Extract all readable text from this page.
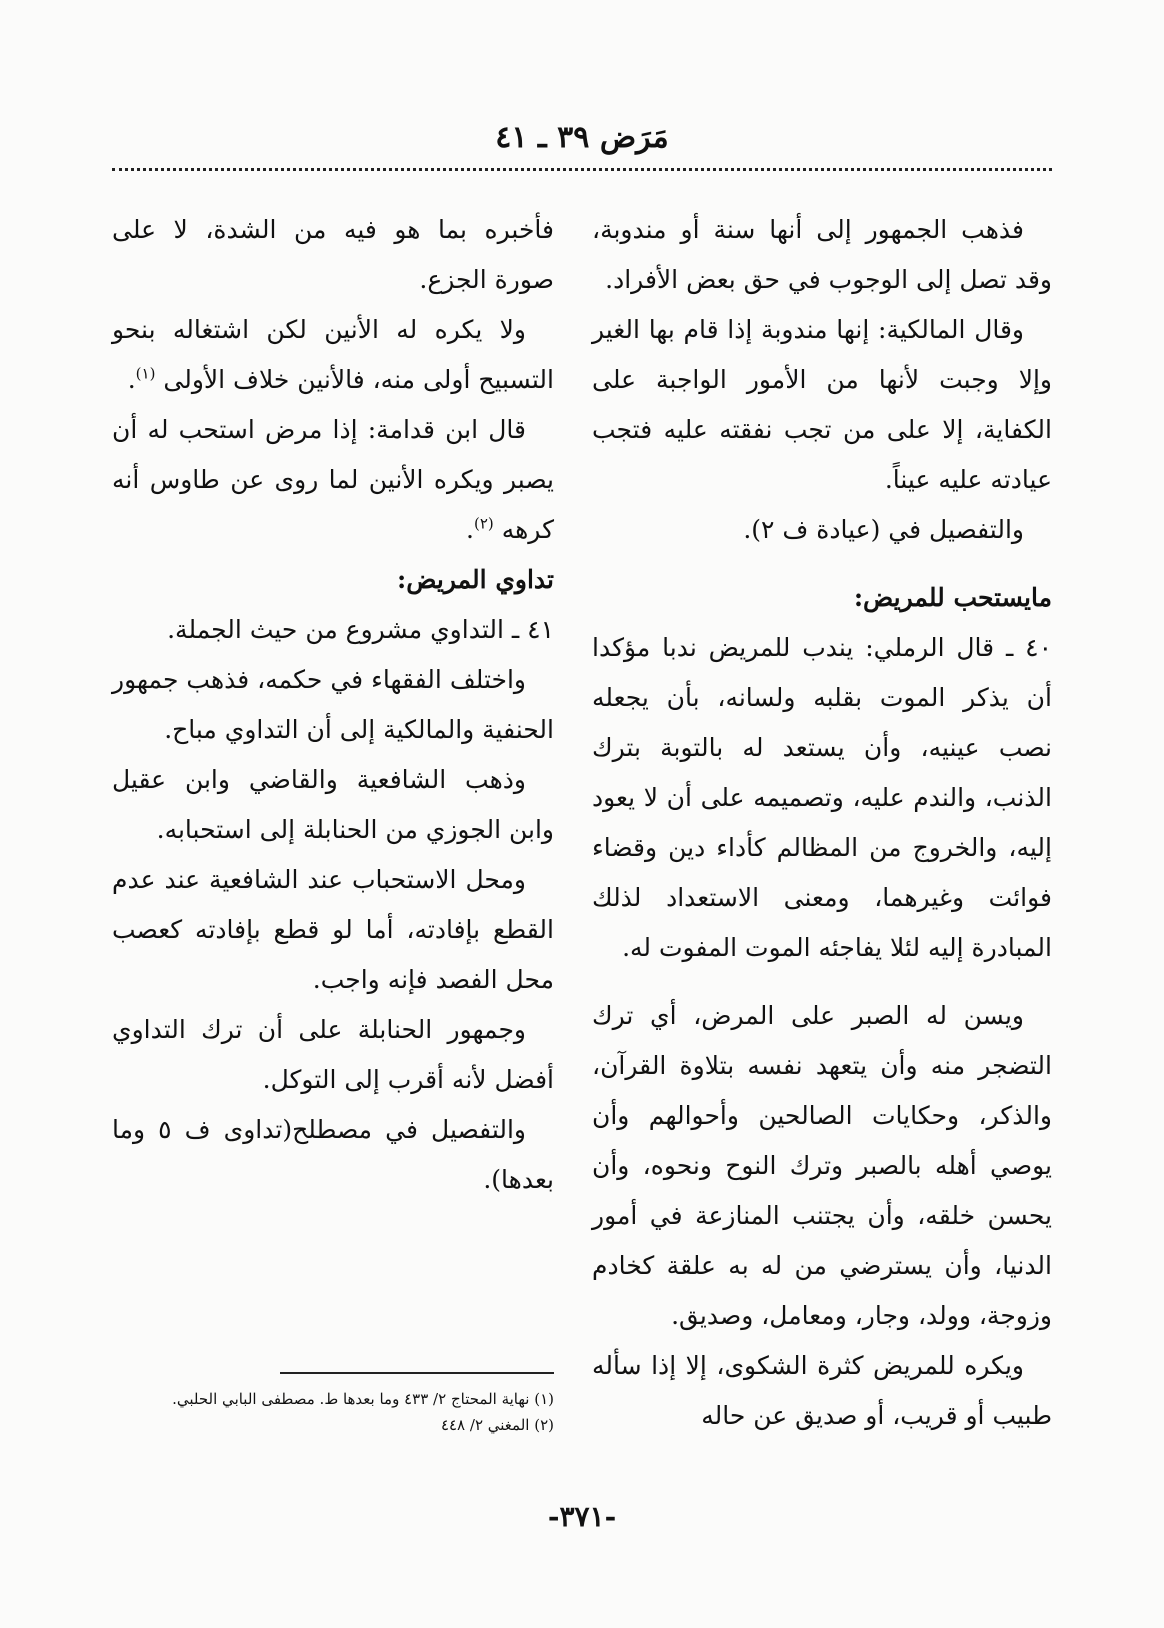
مَرَض ٣٩ ـ ٤١

فذهب الجمهور إلى أنها سنة أو مندوبة، وقد تصل إلى الوجوب في حق بعض الأفراد.

وقال المالكية: إنها مندوبة إذا قام بها الغير وإلا وجبت لأنها من الأمور الواجبة على الكفاية، إلا على من تجب نفقته عليه فتجب عيادته عليه عيناً.

والتفصيل في (عيادة ف ٢).

مايستحب للمريض:

٤٠ ـ قال الرملي: يندب للمريض ندبا مؤكدا أن يذكر الموت بقلبه ولسانه، بأن يجعله نصب عينيه، وأن يستعد له بالتوبة بترك الذنب، والندم عليه، وتصميمه على أن لا يعود إليه، والخروج من المظالم كأداء دين وقضاء فوائت وغيرهما، ومعنى الاستعداد لذلك المبادرة إليه لئلا يفاجئه الموت المفوت له.

ويسن له الصبر على المرض، أي ترك التضجر منه وأن يتعهد نفسه بتلاوة القرآن، والذكر، وحكايات الصالحين وأحوالهم وأن يوصي أهله بالصبر وترك النوح ونحوه، وأن يحسن خلقه، وأن يجتنب المنازعة في أمور الدنيا، وأن يسترضي من له به علقة كخادم وزوجة، وولد، وجار، ومعامل، وصديق.

ويكره للمريض كثرة الشكوى، إلا إذا سأله طبيب أو قريب، أو صديق عن حاله

فأخبره بما هو فيه من الشدة، لا على صورة الجزع.

ولا يكره له الأنين لكن اشتغاله بنحو التسبيح أولى منه، فالأنين خلاف الأولى $^{(١)}$.

قال ابن قدامة: إذا مرض استحب له أن يصبر ويكره الأنين لما روى عن طاوس أنه كرهه $^{(٢)}$.

تداوي المريض:

٤١ ـ التداوي مشروع من حيث الجملة.

واختلف الفقهاء في حكمه، فذهب جمهور الحنفية والمالكية إلى أن التداوي مباح.

وذهب الشافعية والقاضي وابن عقيل وابن الجوزي من الحنابلة إلى استحبابه.

ومحل الاستحباب عند الشافعية عند عدم القطع بإفادته، أما لو قطع بإفادته كعصب محل الفصد فإنه واجب.

وجمهور الحنابلة على أن ترك التداوي أفضل لأنه أقرب إلى التوكل.

والتفصيل في مصطلح(تداوى ف ٥ وما بعدها).

(١) نهاية المحتاج ٢/ ٤٣٣ وما بعدها ط. مصطفى البابي الحلبي.

(٢) المغني ٢/ ٤٤٨

-٣٧١-
